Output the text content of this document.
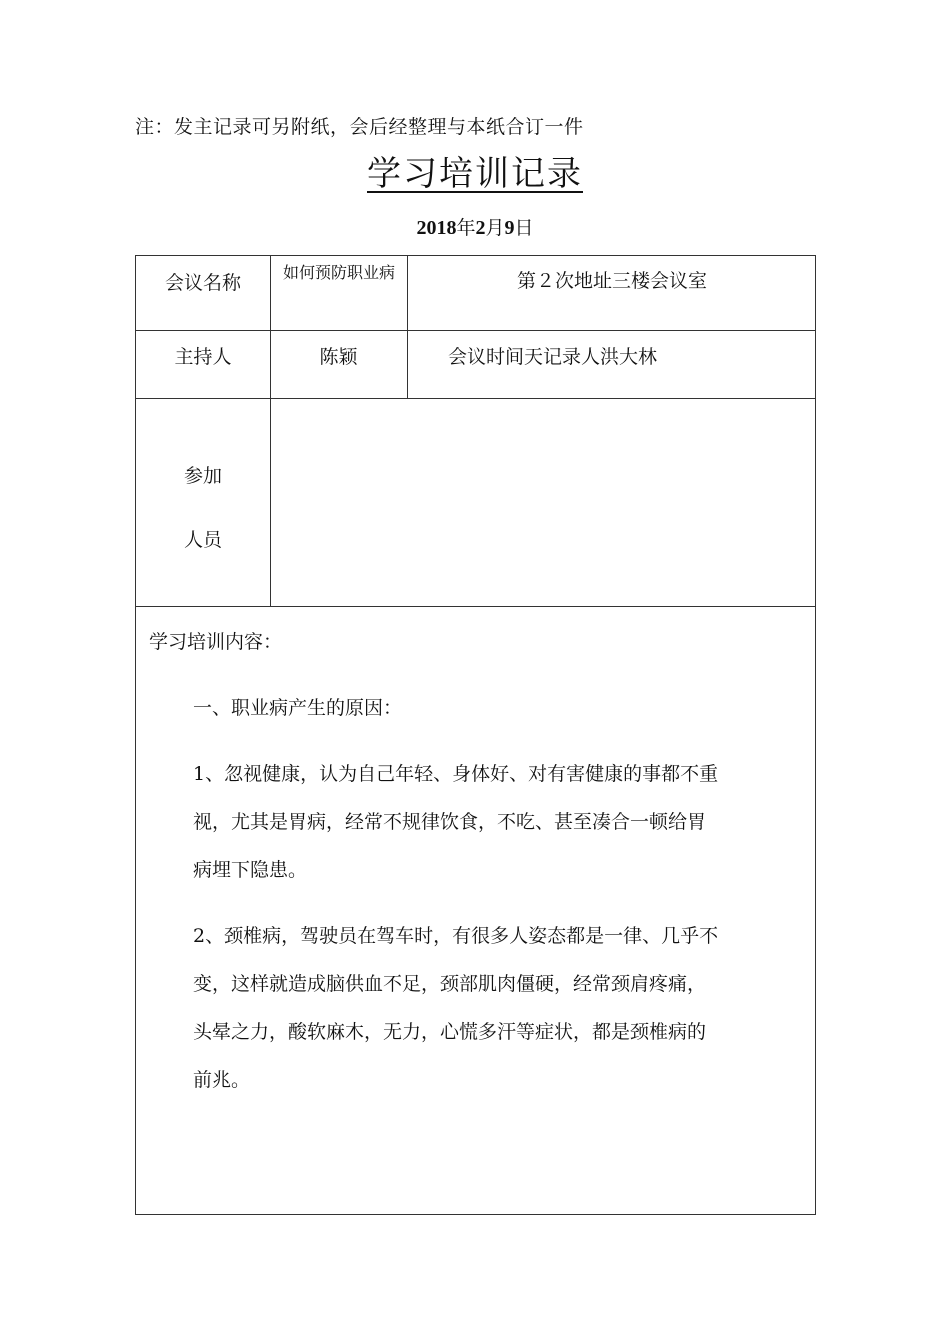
注：发主记录可另附纸，会后经整理与本纸合订一件
学习培训记录
2018年2月9日
会议名称	如何预防职业病	第２次地址三楼会议室
主持人	陈颖	会议时间天记录人洪大林
参加
人员

学习培训内容：

一、职业病产生的原因：

1、忽视健康，认为自己年轻、身体好、对有害健康的事都不重

视，尤其是胃病，经常不规律饮食，不吃、甚至凑合一顿给胃

病埋下隐患。

2、颈椎病，驾驶员在驾车时，有很多人姿态都是一律、几乎不

变，这样就造成脑供血不足，颈部肌肉僵硬，经常颈肩疼痛，

头晕之力，酸软麻木，无力，心慌多汗等症状，都是颈椎病的

前兆。
